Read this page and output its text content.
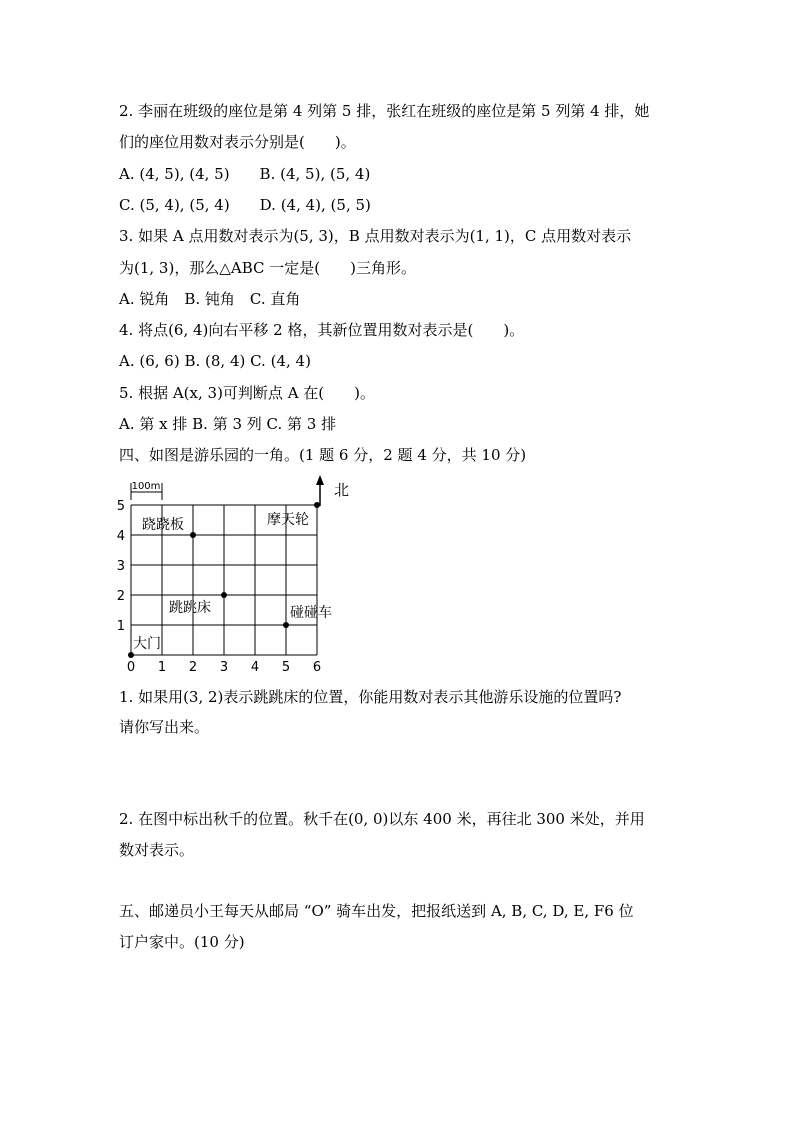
2. 李丽在班级的座位是第 4 列第 5 排，张红在班级的座位是第 5 列第 4 排，她
们的座位用数对表示分别是(　　)。
A. (4, 5), (4, 5)　　B. (4, 5), (5, 4)
C. (5, 4), (5, 4)　　D. (4, 4), (5, 5)
3. 如果 A 点用数对表示为(5, 3)，B 点用数对表示为(1, 1)，C 点用数对表示
为(1, 3)，那么△ABC 一定是(　　)三角形。
A. 锐角　B. 钝角　C. 直角
4. 将点(6, 4)向右平移 2 格，其新位置用数对表示是(　　)。
A. (6, 6) B. (8, 4) C. (4, 4)
5. 根据 A(x, 3)可判断点 A 在(　　)。
A. 第 x 排 B. 第 3 列 C. 第 3 排
四、如图是游乐园的一角。(1 题 6 分，2 题 4 分，共 10 分)
100m	北
0 1 2 3 4 5 6
1
2
3
4
5
跷跷板	摩天轮
跳跳床	碰碰车
大门
1. 如果用(3, 2)表示跳跳床的位置，你能用数对表示其他游乐设施的位置吗?
请你写出来。
2. 在图中标出秋千的位置。秋千在(0, 0)以东 400 米，再往北 300 米处，并用
数对表示。
五、邮递员小王每天从邮局 “O” 骑车出发，把报纸送到 A, B, C, D, E, F6 位
订户家中。(10 分)
